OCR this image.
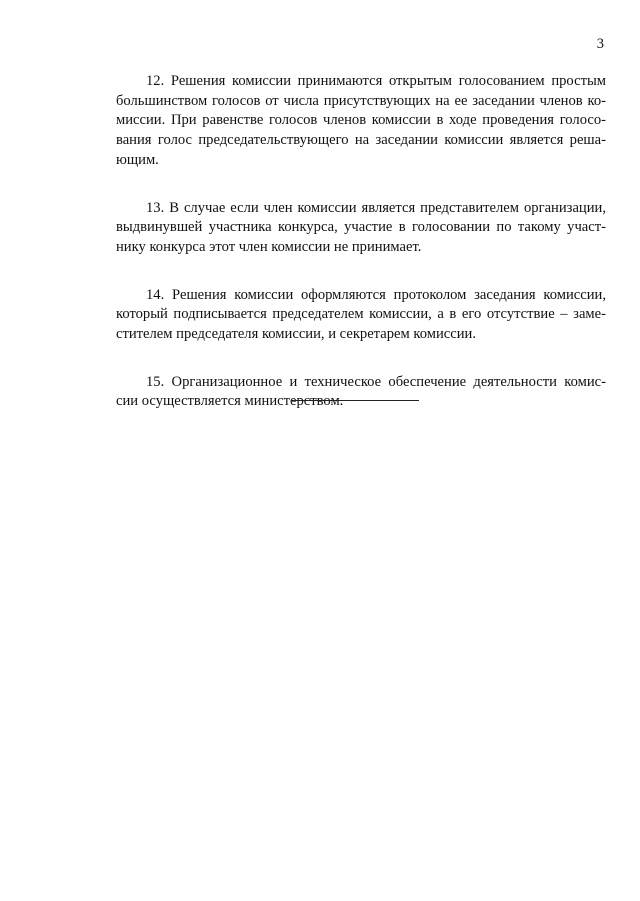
3

12. Решения комиссии принимаются открытым голосованием простым
большинством голосов от числа присутствующих на ее заседании членов ко-
миссии. При равенстве голосов членов комиссии в ходе проведения голосо-
вания голос председательствующего на заседании комиссии является реша-
ющим.

13. В случае если член комиссии является представителем организации,
выдвинувшей участника конкурса, участие в голосовании по такому участ-
нику конкурса этот член комиссии не принимает.

14. Решения комиссии оформляются протоколом заседания комиссии,
который подписывается председателем комиссии, а в его отсутствие – заме-
стителем председателя комиссии, и секретарем комиссии.

15. Организационное и техническое обеспечение деятельности комис-
сии осуществляется министерством.
